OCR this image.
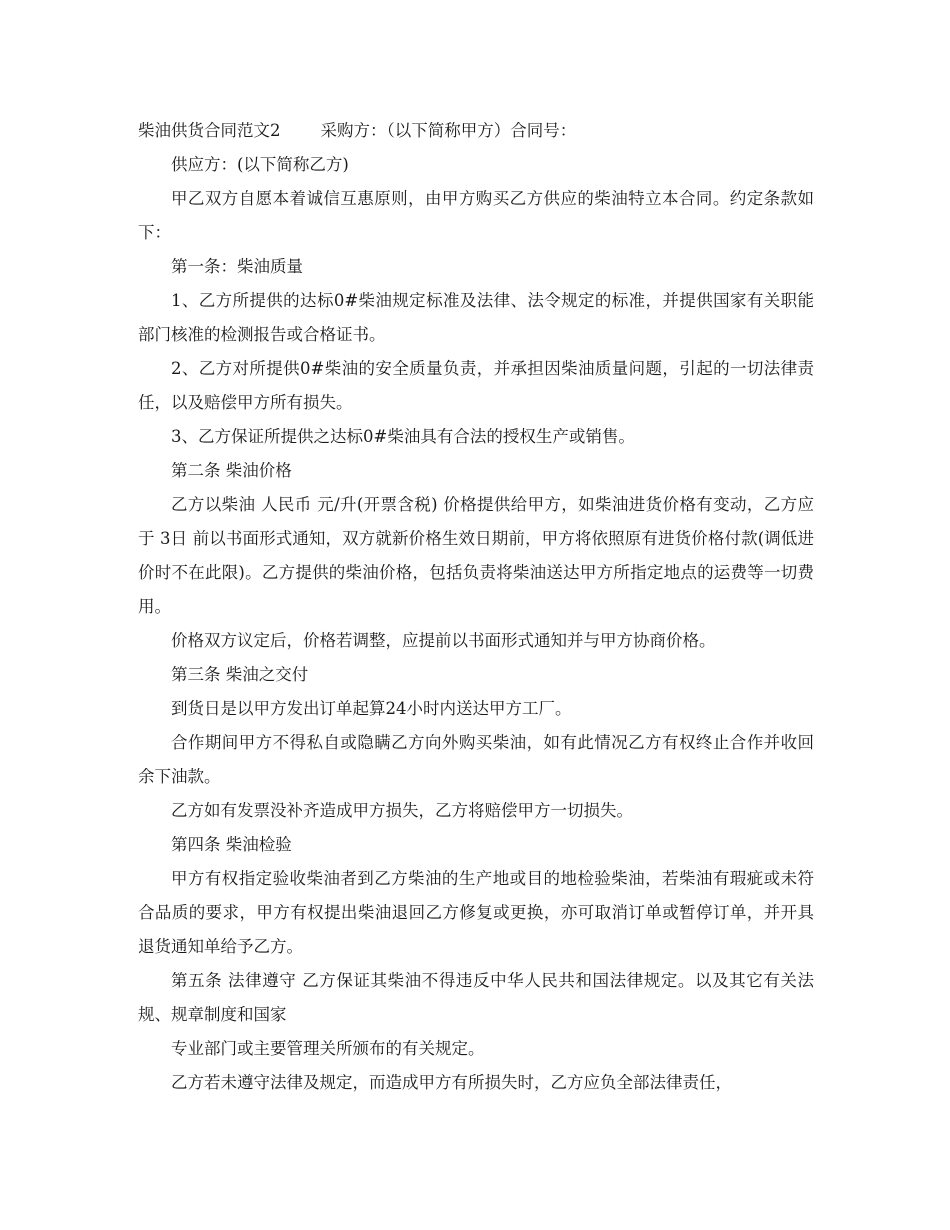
柴油供货合同范文2 采购方：（以下简称甲方）合同号：

供应方：(以下简称乙方)

甲乙双方自愿本着诚信互惠原则，由甲方购买乙方供应的柴油特立本合同。约定条款如下：

第一条：柴油质量

1、乙方所提供的达标0#柴油规定标准及法律、法令规定的标准，并提供国家有关职能部门核准的检测报告或合格证书。

2、乙方对所提供0#柴油的安全质量负责，并承担因柴油质量问题，引起的一切法律责任，以及赔偿甲方所有损失。

3、乙方保证所提供之达标0#柴油具有合法的授权生产或销售。

第二条 柴油价格

乙方以柴油 人民币 元/升(开票含税) 价格提供给甲方，如柴油进货价格有变动，乙方应于 3日 前以书面形式通知，双方就新价格生效日期前，甲方将依照原有进货价格付款(调低进价时不在此限)。乙方提供的柴油价格，包括负责将柴油送达甲方所指定地点的运费等一切费用。

价格双方议定后，价格若调整，应提前以书面形式通知并与甲方协商价格。

第三条 柴油之交付

到货日是以甲方发出订单起算24小时内送达甲方工厂。

合作期间甲方不得私自或隐瞒乙方向外购买柴油，如有此情况乙方有权终止合作并收回余下油款。

乙方如有发票没补齐造成甲方损失，乙方将赔偿甲方一切损失。

第四条 柴油检验

甲方有权指定验收柴油者到乙方柴油的生产地或目的地检验柴油，若柴油有瑕疵或未符合品质的要求，甲方有权提出柴油退回乙方修复或更换，亦可取消订单或暂停订单，并开具退货通知单给予乙方。

第五条 法律遵守 乙方保证其柴油不得违反中华人民共和国法律规定。以及其它有关法规、规章制度和国家

专业部门或主要管理关所颁布的有关规定。

乙方若未遵守法律及规定，而造成甲方有所损失时，乙方应负全部法律责任，
